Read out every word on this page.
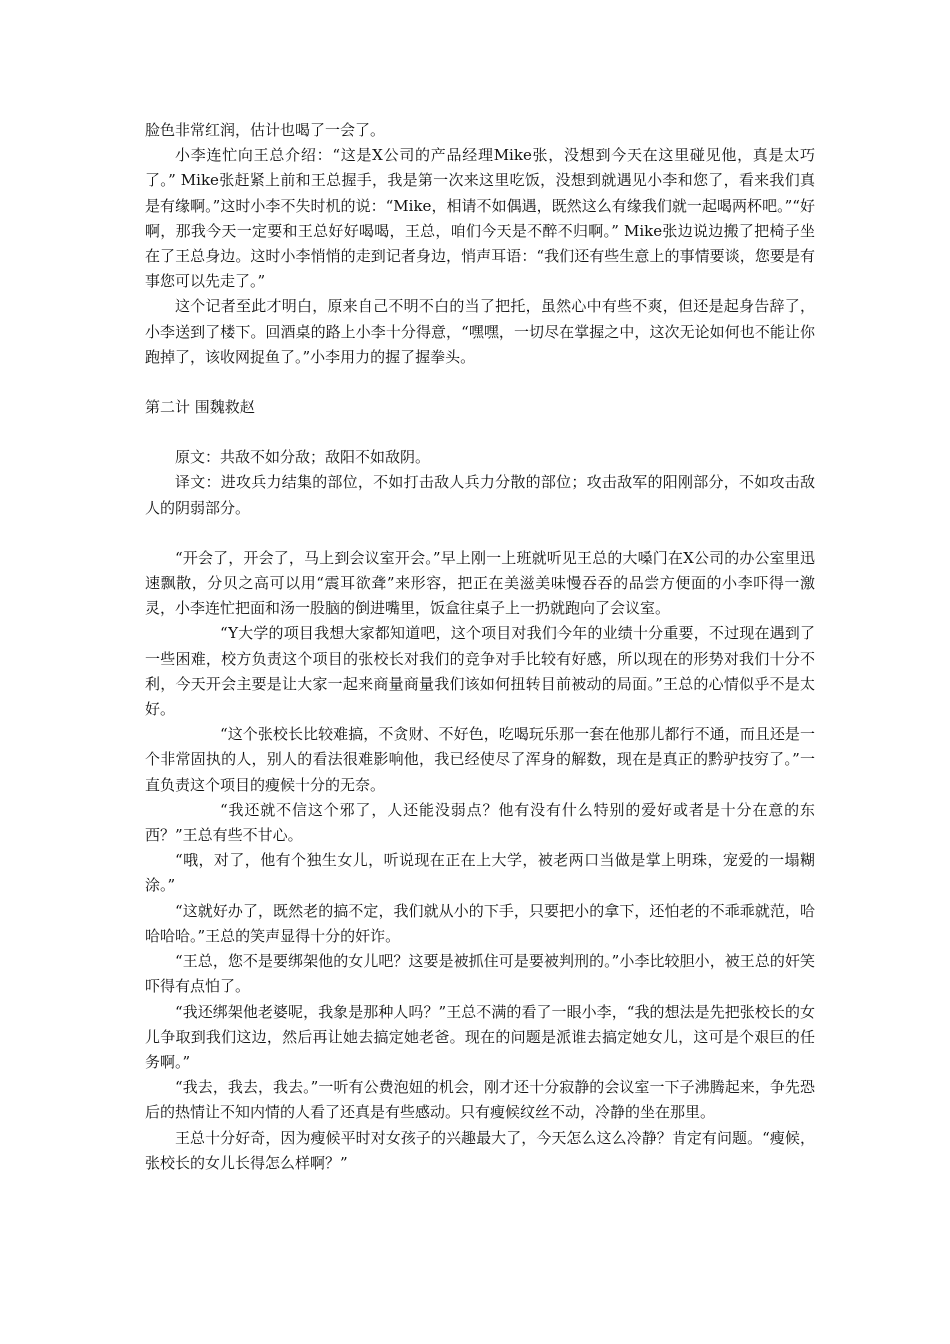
脸色非常红润，估计也喝了一会了。

小李连忙向王总介绍：“这是X公司的产品经理Mike张，没想到今天在这里碰见他，真是太巧了。” Mike张赶紧上前和王总握手，我是第一次来这里吃饭，没想到就遇见小李和您了，看来我们真是有缘啊。”这时小李不失时机的说：“Mike，相请不如偶遇，既然这么有缘我们就一起喝两杯吧。”“好啊，那我今天一定要和王总好好喝喝，王总，咱们今天是不醉不归啊。” Mike张边说边搬了把椅子坐在了王总身边。这时小李悄悄的走到记者身边，悄声耳语：“我们还有些生意上的事情要谈，您要是有事您可以先走了。”

这个记者至此才明白，原来自己不明不白的当了把托，虽然心中有些不爽，但还是起身告辞了，小李送到了楼下。回酒桌的路上小李十分得意，“嘿嘿，一切尽在掌握之中，这次无论如何也不能让你跑掉了，该收网捉鱼了。”小李用力的握了握拳头。

第二计 围魏救赵

原文：共敌不如分敌；敌阳不如敌阴。

译文：进攻兵力结集的部位，不如打击敌人兵力分散的部位；攻击敌军的阳刚部分，不如攻击敌人的阴弱部分。

“开会了，开会了，马上到会议室开会。”早上刚一上班就听见王总的大嗓门在X公司的办公室里迅速飘散，分贝之高可以用“震耳欲聋”来形容，把正在美滋美味慢吞吞的品尝方便面的小李吓得一激灵，小李连忙把面和汤一股脑的倒进嘴里，饭盒往桌子上一扔就跑向了会议室。

“Y大学的项目我想大家都知道吧，这个项目对我们今年的业绩十分重要，不过现在遇到了一些困难，校方负责这个项目的张校长对我们的竞争对手比较有好感，所以现在的形势对我们十分不利，今天开会主要是让大家一起来商量商量我们该如何扭转目前被动的局面。”王总的心情似乎不是太好。

“这个张校长比较难搞，不贪财、不好色，吃喝玩乐那一套在他那儿都行不通，而且还是一个非常固执的人，别人的看法很难影响他，我已经使尽了浑身的解数，现在是真正的黔驴技穷了。”一直负责这个项目的瘦候十分的无奈。

“我还就不信这个邪了，人还能没弱点？他有没有什么特别的爱好或者是十分在意的东西？”王总有些不甘心。

“哦，对了，他有个独生女儿，听说现在正在上大学，被老两口当做是掌上明珠，宠爱的一塌糊涂。”

“这就好办了，既然老的搞不定，我们就从小的下手，只要把小的拿下，还怕老的不乖乖就范，哈哈哈哈。”王总的笑声显得十分的奸诈。

“王总，您不是要绑架他的女儿吧？这要是被抓住可是要被判刑的。”小李比较胆小，被王总的奸笑吓得有点怕了。

“我还绑架他老婆呢，我象是那种人吗？”王总不满的看了一眼小李，“我的想法是先把张校长的女儿争取到我们这边，然后再让她去搞定她老爸。现在的问题是派谁去搞定她女儿，这可是个艰巨的任务啊。”

“我去，我去，我去。”一听有公费泡妞的机会，刚才还十分寂静的会议室一下子沸腾起来，争先恐后的热情让不知内情的人看了还真是有些感动。只有瘦候纹丝不动，冷静的坐在那里。

王总十分好奇，因为瘦候平时对女孩子的兴趣最大了，今天怎么这么冷静？肯定有问题。“瘦候，张校长的女儿长得怎么样啊？”
